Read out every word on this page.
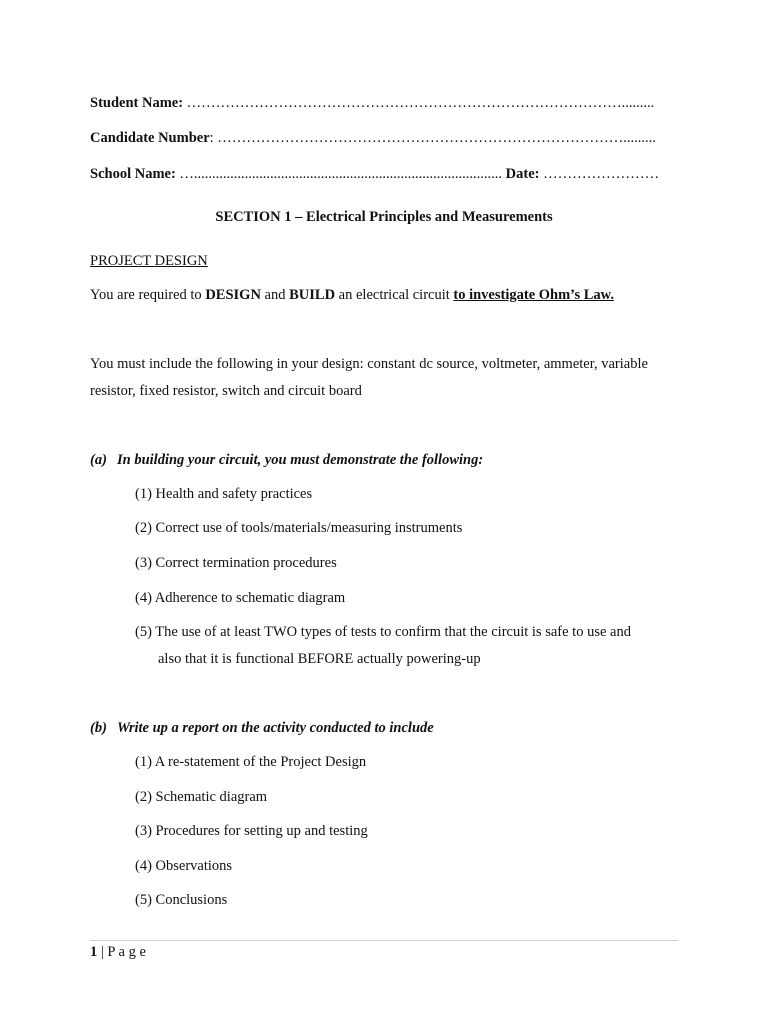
Student Name: ……………………………………………………………………………….........
Candidate Number: ………………………………………………………………………….........
School Name: …..................................................................................... Date: ……………………
SECTION 1 – Electrical Principles and Measurements
PROJECT DESIGN
You are required to DESIGN and BUILD an electrical circuit to investigate Ohm’s Law.
You must include the following in your design: constant dc source, voltmeter, ammeter, variable
resistor, fixed resistor, switch and circuit board
(a) In building your circuit, you must demonstrate the following:
(1) Health and safety practices
(2) Correct use of tools/materials/measuring instruments
(3) Correct termination procedures
(4) Adherence to schematic diagram
(5) The use of at least TWO types of tests to confirm that the circuit is safe to use and
also that it is functional BEFORE actually powering-up
(b) Write up a report on the activity conducted to include
(1) A re-statement of the Project Design
(2) Schematic diagram
(3) Procedures for setting up and testing
(4) Observations
(5) Conclusions
1 | P a g e
